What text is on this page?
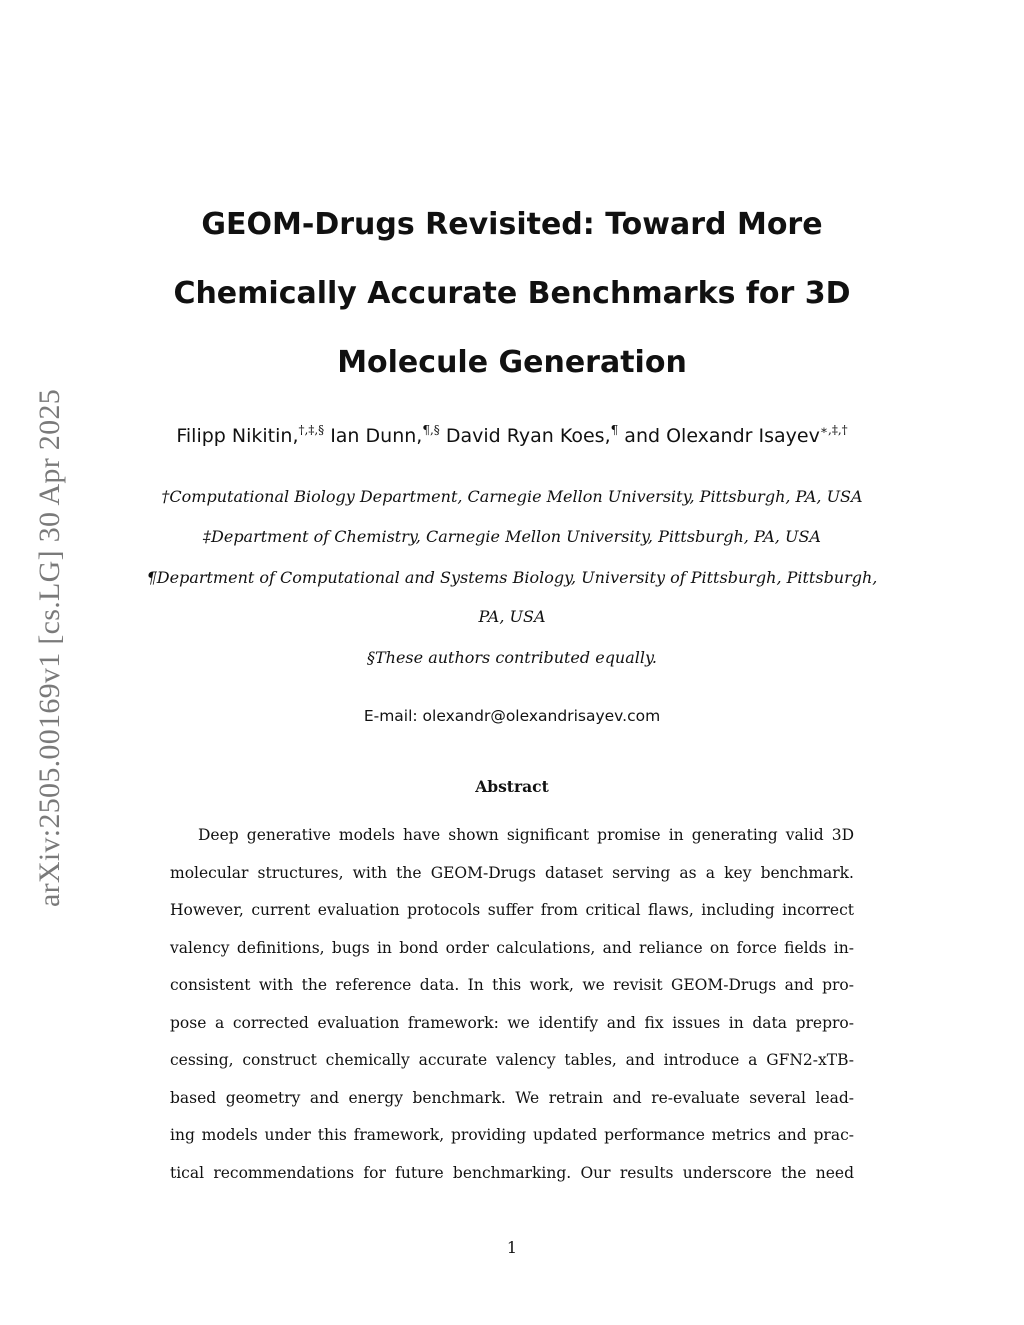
arXiv:2505.00169v1 [cs.LG] 30 Apr 2025
GEOM-Drugs Revisited: Toward More
Chemically Accurate Benchmarks for 3D
Molecule Generation

Filipp Nikitin,†,‡,§ Ian Dunn,¶,§ David Ryan Koes,¶ and Olexandr Isayev∗,‡,†

†Computational Biology Department, Carnegie Mellon University, Pittsburgh, PA, USA

‡Department of Chemistry, Carnegie Mellon University, Pittsburgh, PA, USA

¶Department of Computational and Systems Biology, University of Pittsburgh, Pittsburgh,

PA, USA

§These authors contributed equally.

E-mail: olexandr@olexandrisayev.com

Abstract

Deep generative models have shown significant promise in generating valid 3D

molecular structures, with the GEOM-Drugs dataset serving as a key benchmark.

However, current evaluation protocols suffer from critical flaws, including incorrect

valency definitions, bugs in bond order calculations, and reliance on force fields in-

consistent with the reference data. In this work, we revisit GEOM-Drugs and pro-

pose a corrected evaluation framework: we identify and fix issues in data prepro-

cessing, construct chemically accurate valency tables, and introduce a GFN2-xTB-

based geometry and energy benchmark. We retrain and re-evaluate several lead-

ing models under this framework, providing updated performance metrics and prac-

tical recommendations for future benchmarking. Our results underscore the need

1
